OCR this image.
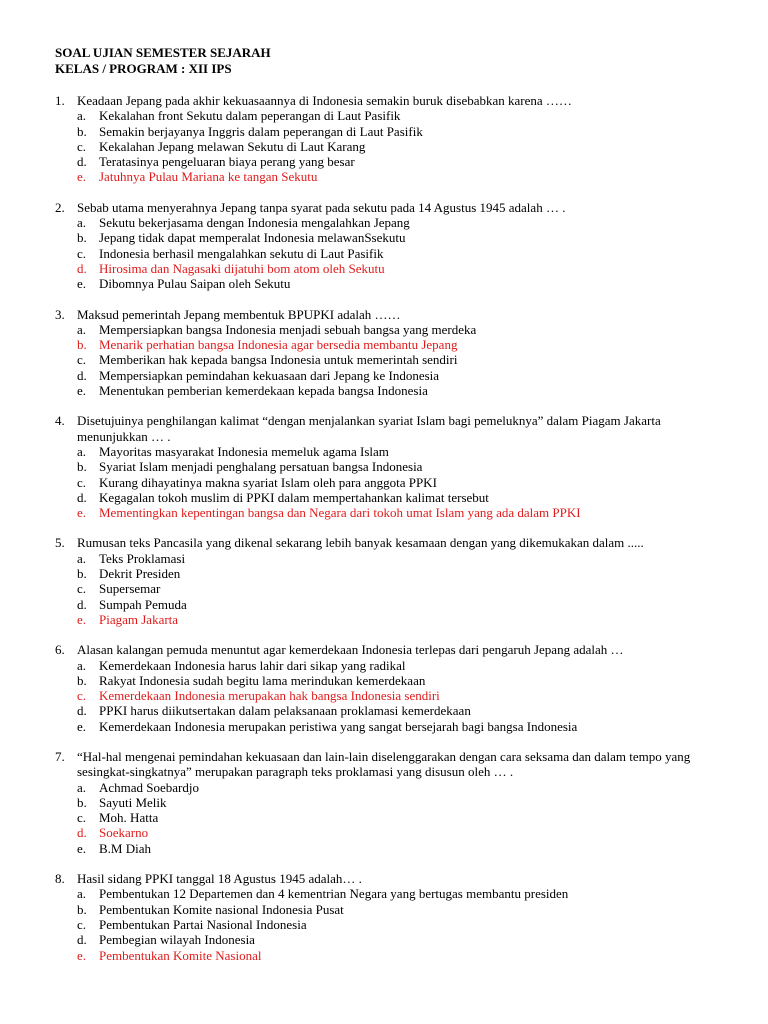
SOAL UJIAN SEMESTER SEJARAH
KELAS / PROGRAM : XII IPS
1. Keadaan Jepang pada akhir kekuasaannya di Indonesia semakin buruk disebabkan karena ……
a. Kekalahan front Sekutu dalam peperangan di Laut Pasifik
b. Semakin berjayanya Inggris dalam peperangan di Laut Pasifik
c. Kekalahan Jepang melawan Sekutu di Laut Karang
d. Teratasinya pengeluaran biaya perang yang besar
e. Jatuhnya Pulau Mariana ke tangan Sekutu
2. Sebab utama menyerahnya Jepang tanpa syarat pada sekutu pada 14 Agustus 1945 adalah … .
a. Sekutu bekerjasama dengan Indonesia mengalahkan Jepang
b. Jepang tidak dapat memperalat Indonesia melawanSsekutu
c. Indonesia berhasil mengalahkan sekutu di Laut Pasifik
d. Hirosima dan Nagasaki dijatuhi bom atom oleh Sekutu
e. Dibomnya Pulau Saipan oleh Sekutu
3. Maksud pemerintah Jepang membentuk BPUPKI adalah ……
a. Mempersiapkan bangsa Indonesia menjadi sebuah bangsa yang merdeka
b. Menarik perhatian bangsa Indonesia agar bersedia membantu Jepang
c. Memberikan hak kepada bangsa Indonesia untuk memerintah sendiri
d. Mempersiapkan pemindahan kekuasaan dari Jepang ke Indonesia
e. Menentukan pemberian kemerdekaan kepada bangsa Indonesia
4. Disetujuinya penghilangan kalimat “dengan menjalankan syariat Islam bagi pemeluknya” dalam Piagam Jakarta menunjukkan … .
a. Mayoritas masyarakat Indonesia memeluk agama Islam
b. Syariat Islam menjadi penghalang persatuan bangsa Indonesia
c. Kurang dihayatinya makna syariat Islam oleh para anggota PPKI
d. Kegagalan tokoh muslim di PPKI dalam mempertahankan kalimat tersebut
e. Mementingkan kepentingan bangsa dan Negara dari tokoh umat Islam yang ada dalam PPKI
5. Rumusan teks Pancasila yang dikenal sekarang lebih banyak kesamaan dengan yang dikemukakan dalam .....
a. Teks Proklamasi
b. Dekrit Presiden
c. Supersemar
d. Sumpah Pemuda
e. Piagam Jakarta
6. Alasan kalangan pemuda menuntut agar kemerdekaan Indonesia terlepas dari pengaruh Jepang adalah …
a. Kemerdekaan Indonesia harus lahir dari sikap yang radikal
b. Rakyat Indonesia sudah begitu lama merindukan kemerdekaan
c. Kemerdekaan Indonesia merupakan hak bangsa Indonesia sendiri
d. PPKI harus diikutsertakan dalam pelaksanaan proklamasi kemerdekaan
e. Kemerdekaan Indonesia merupakan peristiwa yang sangat bersejarah bagi bangsa Indonesia
7. “Hal-hal mengenai pemindahan kekuasaan dan lain-lain diselenggarakan dengan cara seksama dan dalam tempo yang sesingkat-singkatnya” merupakan paragraph teks proklamasi yang disusun oleh … .
a. Achmad Soebardjo
b. Sayuti Melik
c. Moh. Hatta
d. Soekarno
e. B.M Diah
8. Hasil sidang PPKI tanggal 18 Agustus 1945 adalah… .
a. Pembentukan 12 Departemen dan 4 kementrian Negara yang bertugas membantu presiden
b. Pembentukan Komite nasional Indonesia Pusat
c. Pembentukan Partai Nasional Indonesia
d. Pembegian wilayah Indonesia
e. Pembentukan Komite Nasional
